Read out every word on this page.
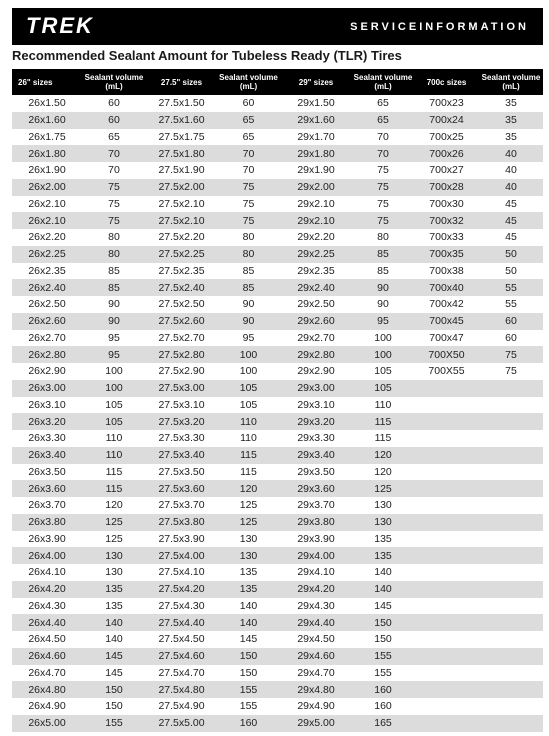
TREK	SERVICEINFORMATION
Recommended Sealant Amount for Tubeless Ready (TLR) Tires
26" sizes	Sealant volume (mL)	27.5" sizes	Sealant volume (mL)	29" sizes	Sealant volume (mL)	700c sizes	Sealant volume (mL)
26x1.50	60	27.5x1.50	60	29x1.50	65	700x23	35
26x1.60	60	27.5x1.60	65	29x1.60	65	700x24	35
26x1.75	65	27.5x1.75	65	29x1.70	70	700x25	35
26x1.80	70	27.5x1.80	70	29x1.80	70	700x26	40
26x1.90	70	27.5x1.90	70	29x1.90	75	700x27	40
26x2.00	75	27.5x2.00	75	29x2.00	75	700x28	40
26x2.10	75	27.5x2.10	75	29x2.10	75	700x30	45
26x2.10	75	27.5x2.10	75	29x2.10	75	700x32	45
26x2.20	80	27.5x2.20	80	29x2.20	80	700x33	45
26x2.25	80	27.5x2.25	80	29x2.25	85	700x35	50
26x2.35	85	27.5x2.35	85	29x2.35	85	700x38	50
26x2.40	85	27.5x2.40	85	29x2.40	90	700x40	55
26x2.50	90	27.5x2.50	90	29x2.50	90	700x42	55
26x2.60	90	27.5x2.60	90	29x2.60	95	700x45	60
26x2.70	95	27.5x2.70	95	29x2.70	100	700x47	60
26x2.80	95	27.5x2.80	100	29x2.80	100	700X50	75
26x2.90	100	27.5x2.90	100	29x2.90	105	700X55	75
26x3.00	100	27.5x3.00	105	29x3.00	105		
26x3.10	105	27.5x3.10	105	29x3.10	110		
26x3.20	105	27.5x3.20	110	29x3.20	115		
26x3.30	110	27.5x3.30	110	29x3.30	115		
26x3.40	110	27.5x3.40	115	29x3.40	120		
26x3.50	115	27.5x3.50	115	29x3.50	120		
26x3.60	115	27.5x3.60	120	29x3.60	125		
26x3.70	120	27.5x3.70	125	29x3.70	130		
26x3.80	125	27.5x3.80	125	29x3.80	130		
26x3.90	125	27.5x3.90	130	29x3.90	135		
26x4.00	130	27.5x4.00	130	29x4.00	135		
26x4.10	130	27.5x4.10	135	29x4.10	140		
26x4.20	135	27.5x4.20	135	29x4.20	140		
26x4.30	135	27.5x4.30	140	29x4.30	145		
26x4.40	140	27.5x4.40	140	29x4.40	150		
26x4.50	140	27.5x4.50	145	29x4.50	150		
26x4.60	145	27.5x4.60	150	29x4.60	155		
26x4.70	145	27.5x4.70	150	29x4.70	155		
26x4.80	150	27.5x4.80	155	29x4.80	160		
26x4.90	150	27.5x4.90	155	29x4.90	160		
26x5.00	155	27.5x5.00	160	29x5.00	165		
